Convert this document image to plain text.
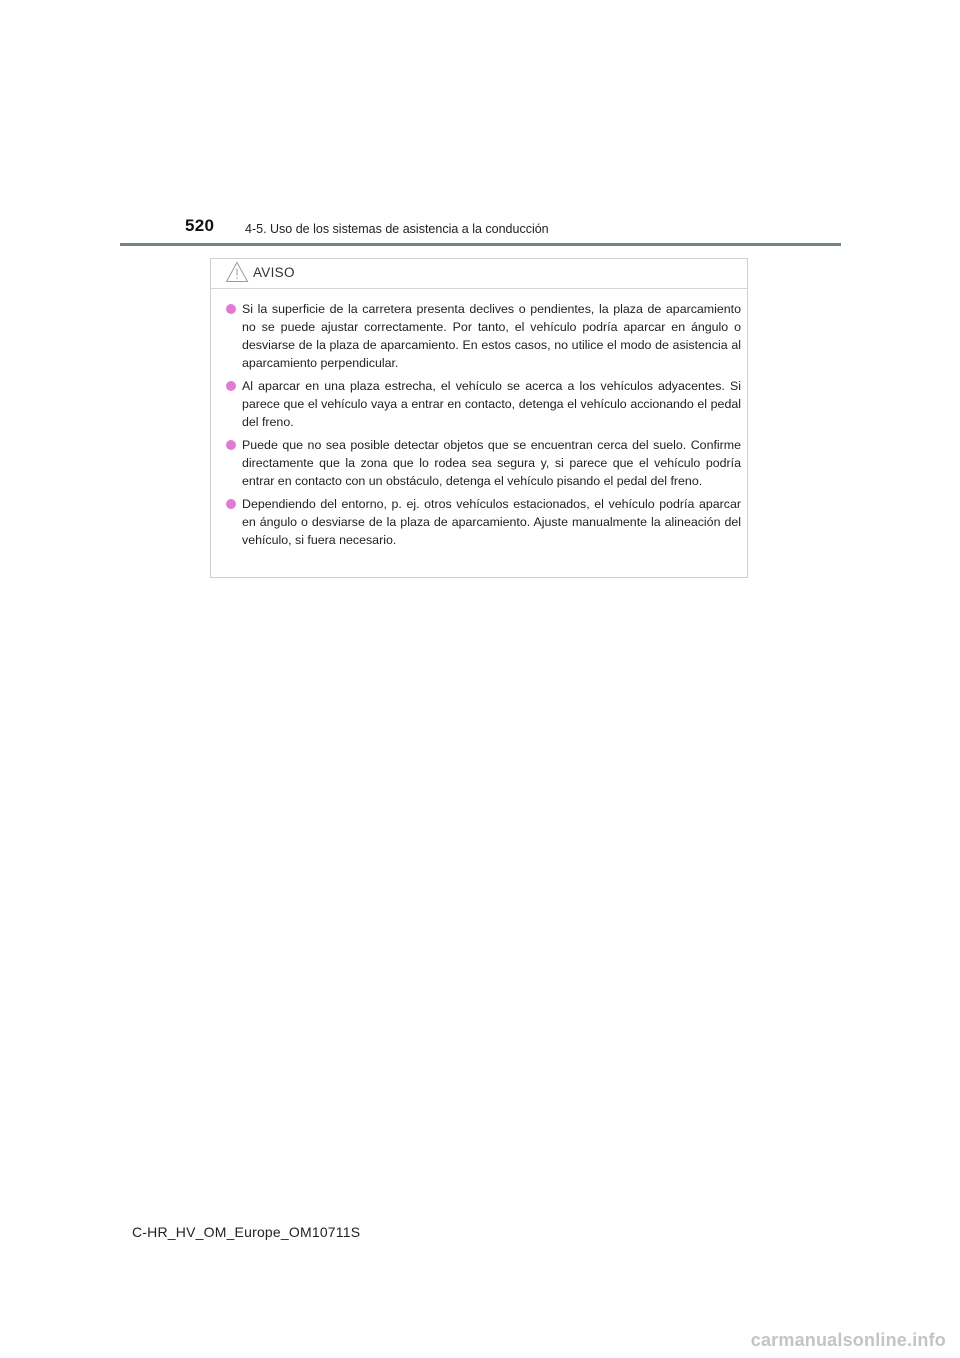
520 4-5. Uso de los sistemas de asistencia a la conducción
AVISO
Si la superficie de la carretera presenta declives o pendientes, la plaza de aparcamiento no se puede ajustar correctamente. Por tanto, el vehículo podría aparcar en ángulo o desviarse de la plaza de aparcamiento. En estos casos, no utilice el modo de asistencia al aparcamiento perpendicular.
Al aparcar en una plaza estrecha, el vehículo se acerca a los vehículos adyacentes. Si parece que el vehículo vaya a entrar en contacto, detenga el vehículo accionando el pedal del freno.
Puede que no sea posible detectar objetos que se encuentran cerca del suelo. Confirme directamente que la zona que lo rodea sea segura y, si parece que el vehículo podría entrar en contacto con un obstáculo, detenga el vehículo pisando el pedal del freno.
Dependiendo del entorno, p. ej. otros vehículos estacionados, el vehículo podría aparcar en ángulo o desviarse de la plaza de aparcamiento. Ajuste manualmente la alineación del vehículo, si fuera necesario.
C-HR_HV_OM_Europe_OM10711S
carmanualsonline.info
